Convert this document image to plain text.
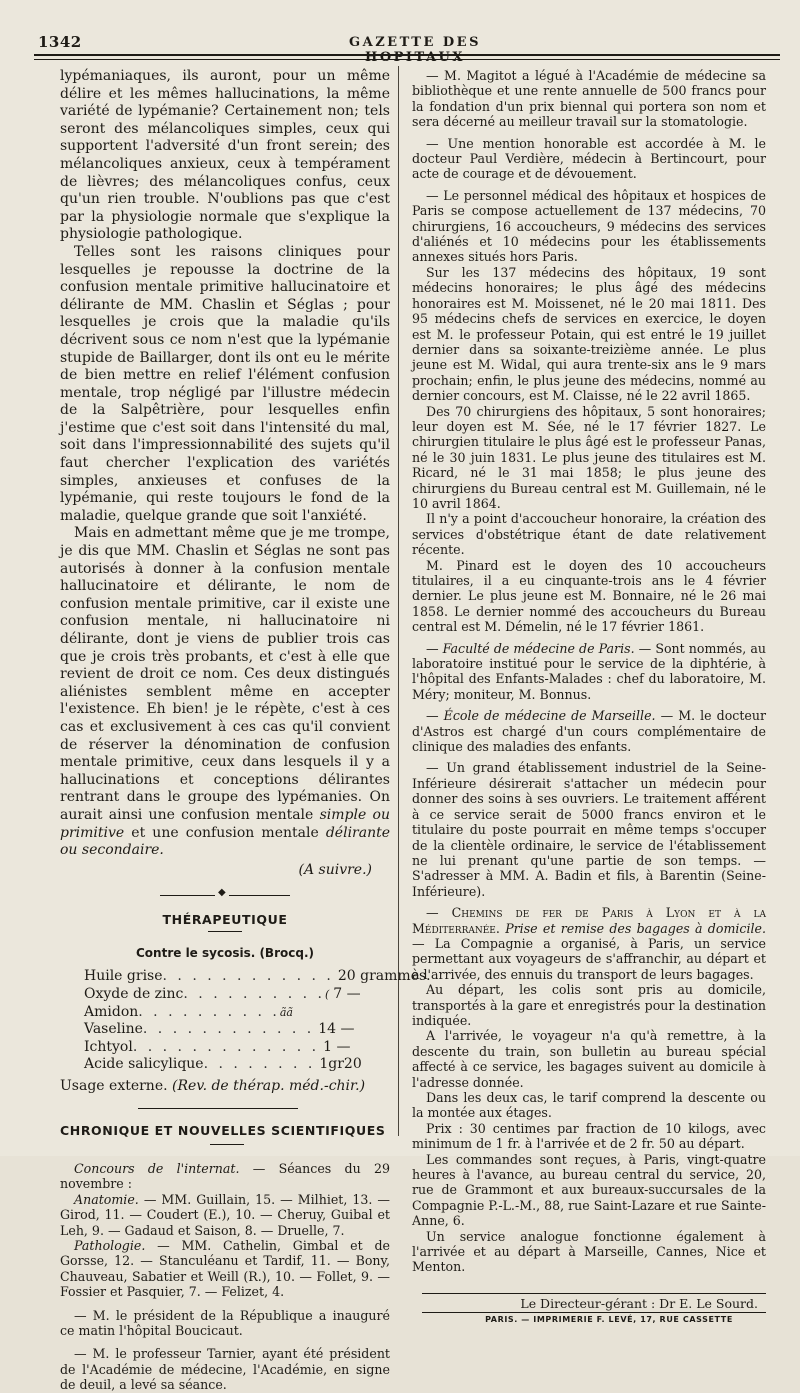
1342	GAZETTE DES HOPITAUX

lypémaniaques, ils auront, pour un même délire et les mêmes hallucinations, la même variété de lypémanie? Certainement non; tels seront des mélancoliques simples, ceux qui supportent l'adversité d'un front serein; des mélancoliques anxieux, ceux à tempérament de lièvres; des mélancoliques confus, ceux qu'un rien trouble. N'oublions pas que c'est par la physiologie normale que s'explique la physiologie pathologique.

Telles sont les raisons cliniques pour lesquelles je repousse la doctrine de la confusion mentale primitive hallucinatoire et délirante de MM. Chaslin et Séglas ; pour lesquelles je crois que la maladie qu'ils décrivent sous ce nom n'est que la lypémanie stupide de Baillarger, dont ils ont eu le mérite de bien mettre en relief l'élément confusion mentale, trop négligé par l'illustre médecin de la Salpêtrière, pour lesquelles enfin j'estime que c'est soit dans l'intensité du mal, soit dans l'impressionnabilité des sujets qu'il faut chercher l'explication des variétés simples, anxieuses et confuses de la lypémanie, qui reste toujours le fond de la maladie, quelque grande que soit l'anxiété.

Mais en admettant même que je me trompe, je dis que MM. Chaslin et Séglas ne sont pas autorisés à donner à la confusion mentale hallucinatoire et délirante, le nom de confusion mentale primitive, car il existe une confusion mentale, ni hallucinatoire ni délirante, dont je viens de publier trois cas que je crois très probants, et c'est à elle que revient de droit ce nom. Ces deux distingués aliénistes semblent même en accepter l'existence. Eh bien! je le répète, c'est à ces cas et exclusivement à ces cas qu'il convient de réserver la dénomination de confusion mentale primitive, ceux dans lesquels il y a hallucinations et conceptions délirantes rentrant dans le groupe des lypémanies. On aurait ainsi une confusion mentale simple ou primitive et une confusion mentale délirante ou secondaire.

(A suivre.)

◆
THÉRAPEUTIQUE
Contre le sycosis. (Brocq.)
Huile grise . . . . . . . . . . . . 20 grammes.
Oxyde de zinc . . . . . . . . . . ( 7 —
Amidon . . . . . . . . . . ãã
Vaseline . . . . . . . . . . . . 14 —
Ichtyol . . . . . . . . . . . . . 1 —
Acide salicylique . . . . . . . . 1gr20

Usage externe. (Rev. de thérap. méd.-chir.)

CHRONIQUE ET NOUVELLES SCIENTIFIQUES

Concours de l'internat. — Séances du 29 novembre :

Anatomie. — MM. Guillain, 15. — Milhiet, 13. — Girod, 11. — Coudert (E.), 10. — Cheruy, Guibal et Leh, 9. — Gadaud et Saison, 8. — Druelle, 7.

Pathologie. — MM. Cathelin, Gimbal et de Gorsse, 12. — Stanculéanu et Tardif, 11. — Bony, Chauveau, Sabatier et Weill (R.), 10. — Follet, 9. — Fossier et Pasquier, 7. — Felizet, 4.

— M. le président de la République a inauguré ce matin l'hôpital Boucicaut.

— M. le professeur Tarnier, ayant été président de l'Académie de médecine, l'Académie, en signe de deuil, a levé sa séance.

— M. Magitot a légué à l'Académie de médecine sa bibliothèque et une rente annuelle de 500 francs pour la fondation d'un prix biennal qui portera son nom et sera décerné au meilleur travail sur la stomatologie.

— Une mention honorable est accordée à M. le docteur Paul Verdière, médecin à Bertincourt, pour acte de courage et de dévouement.

— Le personnel médical des hôpitaux et hospices de Paris se compose actuellement de 137 médecins, 70 chirurgiens, 16 accoucheurs, 9 médecins des services d'aliénés et 10 médecins pour les établissements annexes situés hors Paris.

Sur les 137 médecins des hôpitaux, 19 sont médecins honoraires; le plus âgé des médecins honoraires est M. Moissenet, né le 20 mai 1811. Des 95 médecins chefs de services en exercice, le doyen est M. le professeur Potain, qui est entré le 19 juillet dernier dans sa soixante-treizième année. Le plus jeune est M. Widal, qui aura trente-six ans le 9 mars prochain; enfin, le plus jeune des médecins, nommé au dernier concours, est M. Claisse, né le 22 avril 1865.

Des 70 chirurgiens des hôpitaux, 5 sont honoraires; leur doyen est M. Sée, né le 17 février 1827. Le chirurgien titulaire le plus âgé est le professeur Panas, né le 30 juin 1831. Le plus jeune des titulaires est M. Ricard, né le 31 mai 1858; le plus jeune des chirurgiens du Bureau central est M. Guillemain, né le 10 avril 1864.

Il n'y a point d'accoucheur honoraire, la création des services d'obstétrique étant de date relativement récente.

M. Pinard est le doyen des 10 accoucheurs titulaires, il a eu cinquante-trois ans le 4 février dernier. Le plus jeune est M. Bonnaire, né le 26 mai 1858. Le dernier nommé des accoucheurs du Bureau central est M. Démelin, né le 17 février 1861.

— Faculté de médecine de Paris. — Sont nommés, au laboratoire institué pour le service de la diphtérie, à l'hôpital des Enfants-Malades : chef du laboratoire, M. Méry; moniteur, M. Bonnus.

— École de médecine de Marseille. — M. le docteur d'Astros est chargé d'un cours complémentaire de clinique des maladies des enfants.

— Un grand établissement industriel de la Seine-Inférieure désirerait s'attacher un médecin pour donner des soins à ses ouvriers. Le traitement afférent à ce service serait de 5000 francs environ et le titulaire du poste pourrait en même temps s'occuper de la clientèle ordinaire, le service de l'établissement ne lui prenant qu'une partie de son temps. — S'adresser à MM. A. Badin et fils, à Barentin (Seine-Inférieure).

— Chemins de fer de Paris à Lyon et à la Méditerranée. Prise et remise des bagages à domicile. — La Compagnie a organisé, à Paris, un service permettant aux voyageurs de s'affranchir, au départ et à l'arrivée, des ennuis du transport de leurs bagages.

Au départ, les colis sont pris au domicile, transportés à la gare et enregistrés pour la destination indiquée.

A l'arrivée, le voyageur n'a qu'à remettre, à la descente du train, son bulletin au bureau spécial affecté à ce service, les bagages suivent au domicile à l'adresse donnée.

Dans les deux cas, le tarif comprend la descente ou la montée aux étages.

Prix : 30 centimes par fraction de 10 kilogs, avec minimum de 1 fr. à l'arrivée et de 2 fr. 50 au départ.

Les commandes sont reçues, à Paris, vingt-quatre heures à l'avance, au bureau central du service, 20, rue de Grammont et aux bureaux-succursales de la Compagnie P.-L.-M., 88, rue Saint-Lazare et rue Sainte-Anne, 6.

Un service analogue fonctionne également à l'arrivée et au départ à Marseille, Cannes, Nice et Menton.

Le Directeur-gérant : Dr E. Le Sourd.
PARIS. — IMPRIMERIE F. LEVÉ, 17, RUE CASSETTE
